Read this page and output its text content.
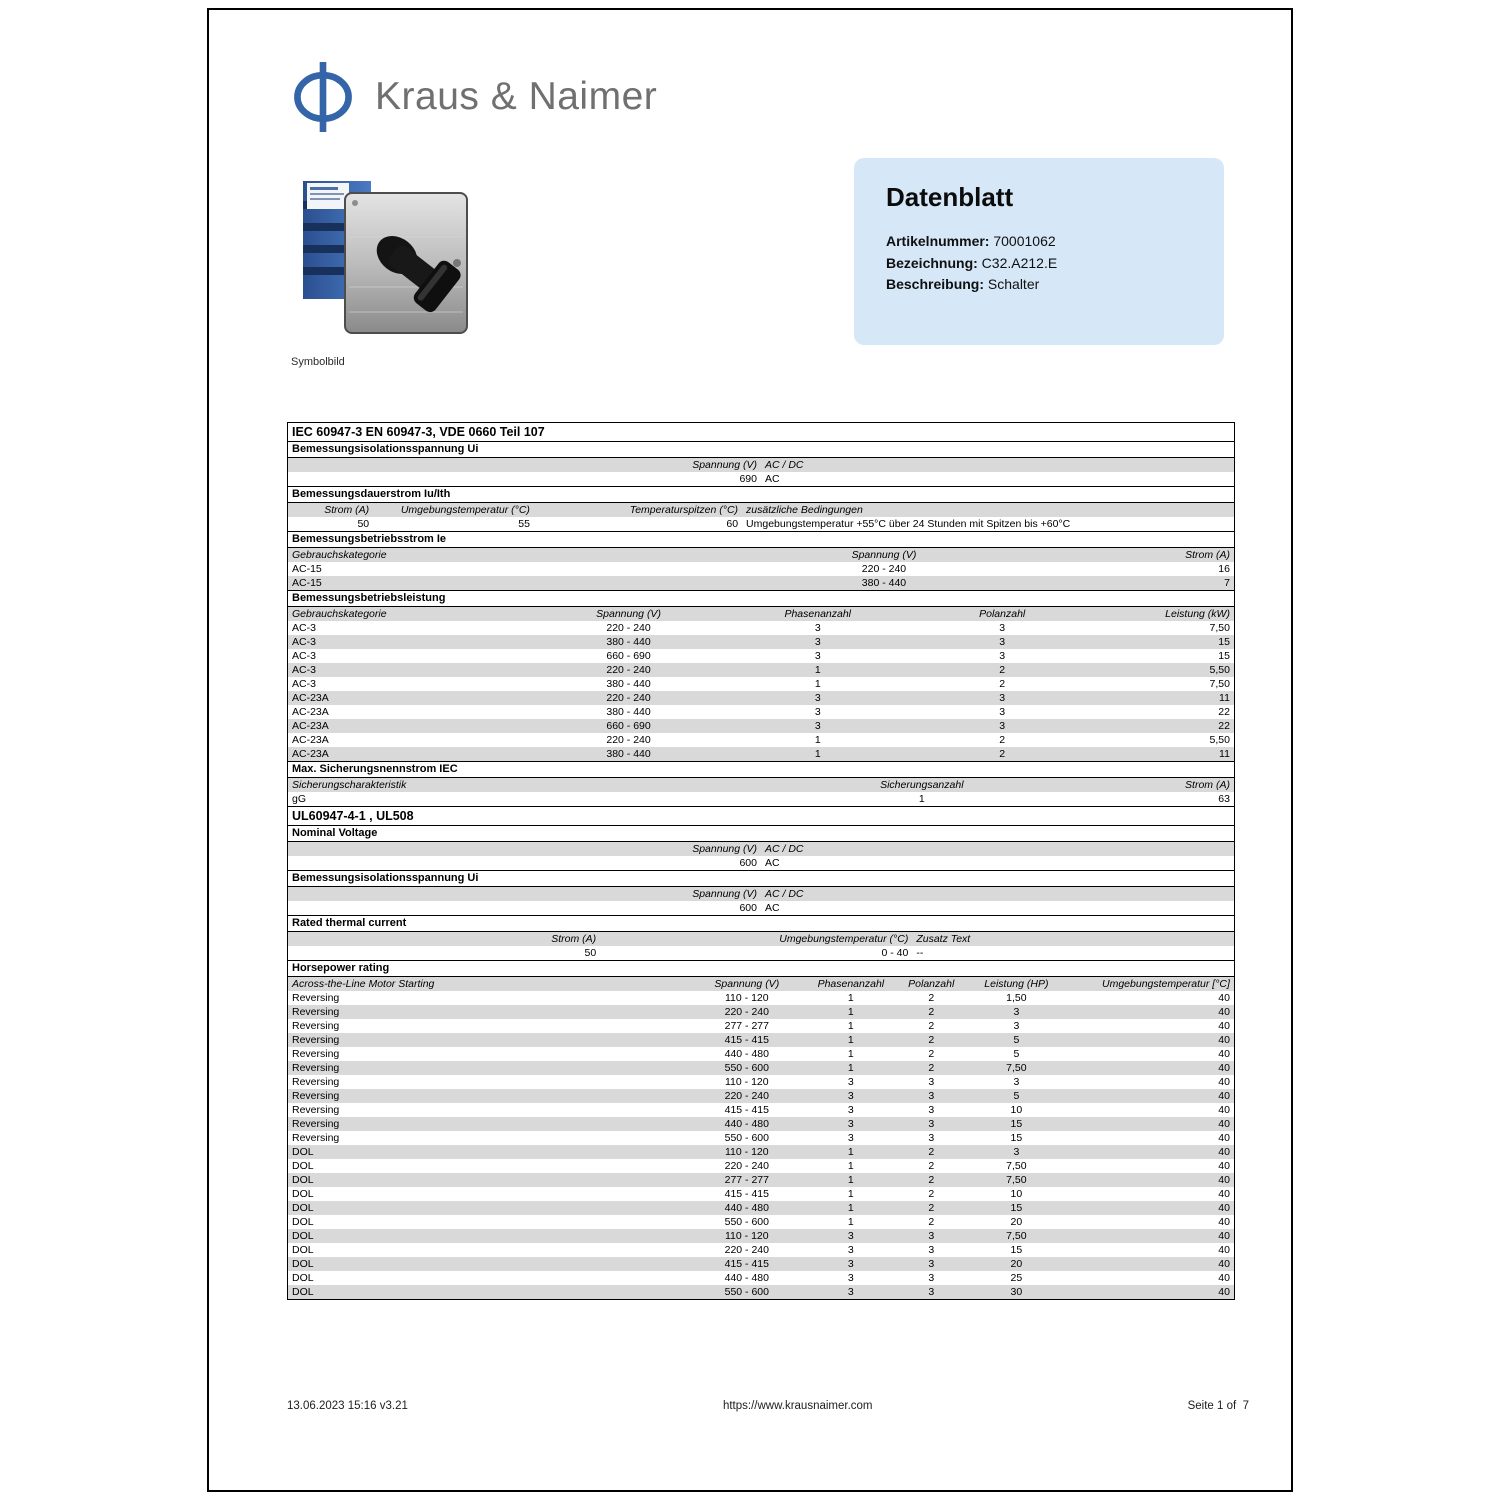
Kraus & Naimer
Symbolbild
Datenblatt
Artikelnummer: 70001062
Bezeichnung: C32.A212.E
Beschreibung: Schalter
IEC 60947-3 EN 60947-3, VDE 0660 Teil 107
Bemessungsisolationsspannung Ui
Spannung (V) AC / DC
690 AC
Bemessungsdauerstrom Iu/Ith
Strom (A)	Umgebungstemperatur (°C)	Temperaturspitzen (°C) zusätzliche Bedingungen
50	55	60 Umgebungstemperatur +55°C über 24 Stunden mit Spitzen bis +60°C
Bemessungsbetriebsstrom Ie
Gebrauchskategorie	Spannung (V)	Strom (A)
AC-15	220 - 240	16
AC-15	380 - 440	7
Bemessungsbetriebsleistung
Gebrauchskategorie	Spannung (V)	Phasenanzahl	Polanzahl	Leistung (kW)
AC-3	220 - 240	3	3	7,50
AC-3	380 - 440	3	3	15
AC-3	660 - 690	3	3	15
AC-3	220 - 240	1	2	5,50
AC-3	380 - 440	1	2	7,50
AC-23A	220 - 240	3	3	11
AC-23A	380 - 440	3	3	22
AC-23A	660 - 690	3	3	22
AC-23A	220 - 240	1	2	5,50
AC-23A	380 - 440	1	2	11
Max. Sicherungsnennstrom IEC
Sicherungscharakteristik	Sicherungsanzahl	Strom (A)
gG	1	63
UL60947-4-1 , UL508
Nominal Voltage
Spannung (V) AC / DC
600 AC
Bemessungsisolationsspannung Ui
Spannung (V) AC / DC
600 AC
Rated thermal current
Strom (A)	Umgebungstemperatur (°C) Zusatz Text
50	0 - 40 --
Horsepower rating
Across-the-Line Motor Starting	Spannung (V)	Phasenanzahl	Polanzahl	Leistung (HP)	Umgebungstemperatur [°C]
Reversing	110 - 120	1	2	1,50	40
Reversing	220 - 240	1	2	3	40
Reversing	277 - 277	1	2	3	40
Reversing	415 - 415	1	2	5	40
Reversing	440 - 480	1	2	5	40
Reversing	550 - 600	1	2	7,50	40
Reversing	110 - 120	3	3	3	40
Reversing	220 - 240	3	3	5	40
Reversing	415 - 415	3	3	10	40
Reversing	440 - 480	3	3	15	40
Reversing	550 - 600	3	3	15	40
DOL	110 - 120	1	2	3	40
DOL	220 - 240	1	2	7,50	40
DOL	277 - 277	1	2	7,50	40
DOL	415 - 415	1	2	10	40
DOL	440 - 480	1	2	15	40
DOL	550 - 600	1	2	20	40
DOL	110 - 120	3	3	7,50	40
DOL	220 - 240	3	3	15	40
DOL	415 - 415	3	3	20	40
DOL	440 - 480	3	3	25	40
DOL	550 - 600	3	3	30	40
13.06.2023 15:16 v3.21	https://www.krausnaimer.com	Seite 1 of  7
